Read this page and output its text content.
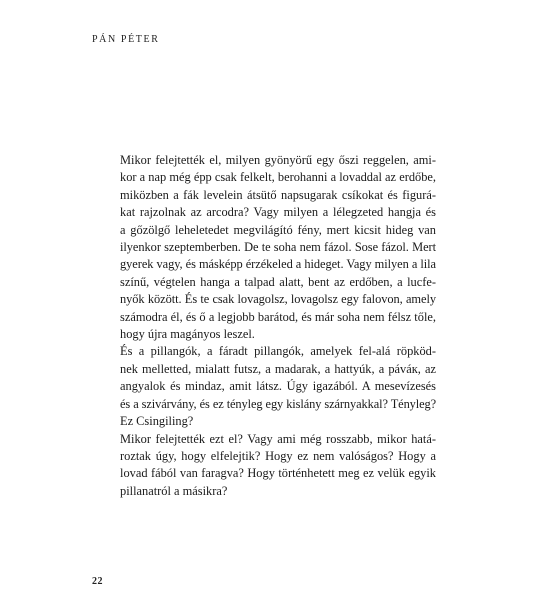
PÁN PÉTER

Mikor felejtették el, milyen gyönyörű egy őszi reggelen, ami-
kor a nap még épp csak felkelt, berohanni a lovaddal az erdőbe,
miközben a fák levelein átsütő napsugarak csíkokat és figurá-
kat rajzolnak az arcodra? Vagy milyen a lélegzeted hangja és
a gőzölgő leheletedet megvilágító fény, mert kicsit hideg van
ilyenkor szeptemberben. De te soha nem fázol. Sose fázol. Mert
gyerek vagy, és másképp érzékeled a hideget. Vagy milyen a lila
színű, végtelen hanga a talpad alatt, bent az erdőben, a lucfe-
nyők között. És te csak lovagolsz, lovagolsz egy falovon, amely
számodra él, és ő a legjobb barátod, és már soha nem félsz tőle,
hogy újra magányos leszel.

És a pillangók, a fáradt pillangók, amelyek fel-alá röpköd-
nek melletted, mialatt futsz, a madarak, a hattyúk, a páváк, az
angyalok és mindaz, amit látsz. Úgy igazából. A mesevízesés
és a szivárvány, és ez tényleg egy kislány szárnyakkal? Tényleg?
Ez Csingiling?

Mikor felejtették ezt el? Vagy ami még rosszabb, mikor hatá-
roztak úgy, hogy elfelejtik? Hogy ez nem valóságos? Hogy a
lovad fából van faragva? Hogy történhetett meg ez velük egyik
pillanatról a másikra?

22
